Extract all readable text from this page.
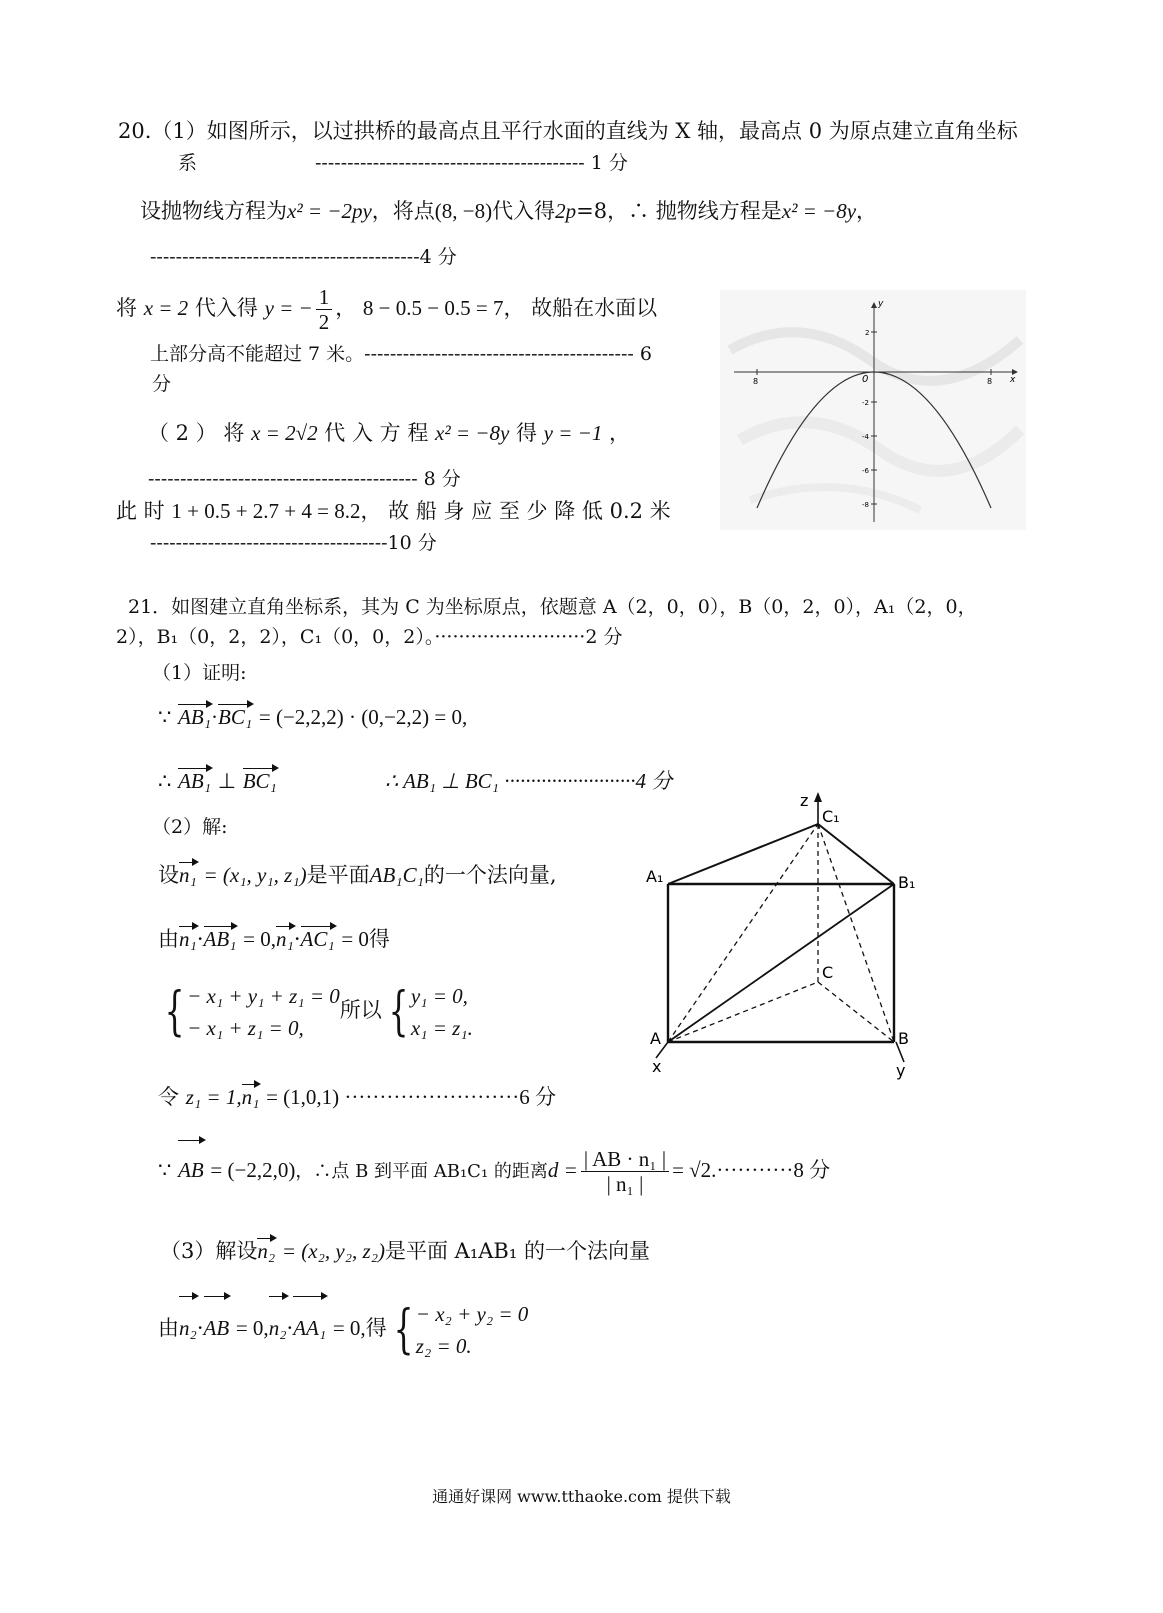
20.（1）如图所示，以过拱桥的最高点且平行水面的直线为 X 轴，最高点 0 为原点建立直角坐标
系	------------------------------------------ 1 分
设抛物线方程为x² = −2py，将点(8, −8)代入得2p=8，∴ 抛物线方程是x² = −8y，
------------------------------------------4 分
将 x = 2 代入得 y = − $\frac{1}{2}$ ， 8 − 0.5 − 0.5 = 7， 故船在水面以
上部分高不能超过 7 米。------------------------------------------ 6
分
（ 2 ） 将 x = 2√2 代 入 方 程 x² = −8y 得 y = −1 ，
------------------------------------------ 8 分
此 时 1 + 0.5 + 2.7 + 4 = 8.2， 故 船 身 应 至 少 降 低 0.2 米
-------------------------------------10 分
y
x
0
8	8
2
-2
-4
-6
-8
21．如图建立直角坐标系，其为 C 为坐标原点，依题意 A（2，0，0），B（0，2，0），A₁（2，0，
2），B₁（0，2，2），C₁（0，0，2）。·························2 分
（1）证明:
∵ AB₁·BC₁ = (−2,2,2) · (0,−2,2) = 0,
∴ AB₁ ⊥ BC₁	∴ AB₁ ⊥ BC₁ ·························4 分
（2）解:
设n₁ = (x₁, y₁, z₁)是平面AB₁C₁的一个法向量,
由n₁·AB₁ = 0,n₁·AC₁ = 0得
{ − x₁ + y₁ + z₁ = 0
− x₁ + z₁ = 0,
所以 { y₁ = 0,
x₁ = z₁.
令 z₁ = 1,n₁ = (1,0,1) ·························6 分
∵ AB = (−2,2,0)，∴点 B 到平面 AB₁C₁ 的距离$d = \frac{\text{| AB · n₁ |}}{\text{| n₁ |}} = √2.\cdot\cdot\cdot\cdot\cdot\cdot\cdot\cdot\cdot\cdot\cdot 8$ 分
（3）解设n₂ = (x₂, y₂, z₂)是平面 A₁AB₁ 的一个法向量
由n₂·AB = 0,n₂·AA₁ = 0,得 { − x₂ + y₂ = 0
z₂ = 0.
z
x	y
C₁
A₁	B₁
C
A	B
通通好课网 www.tthaoke.com 提供下载
